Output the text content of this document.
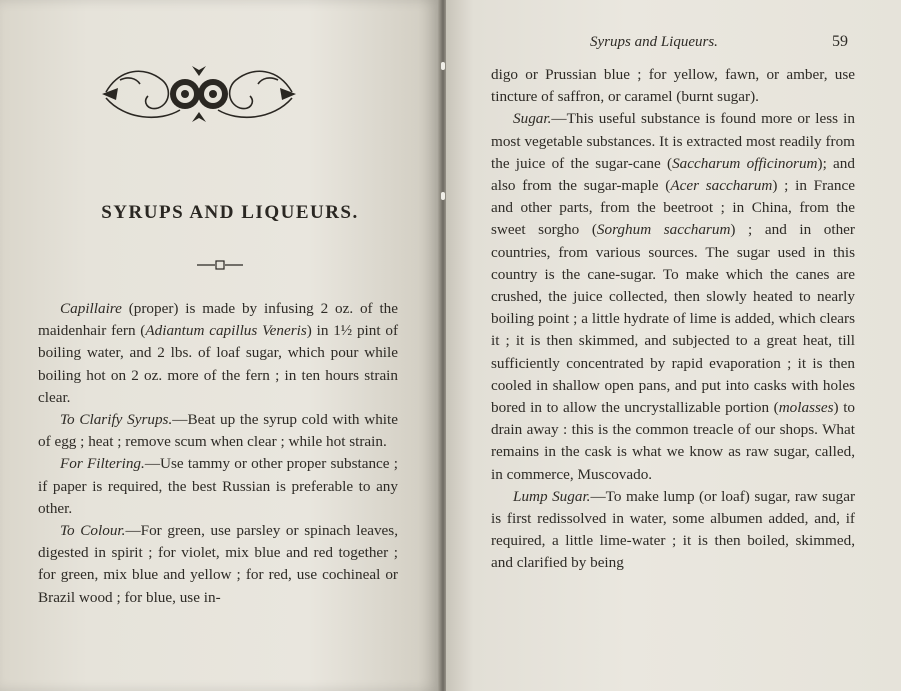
SYRUPS AND LIQUEURS.

Capillaire (proper) is made by infusing 2 oz. of the maidenhair fern (Adiantum capillus Veneris) in 1½ pint of boiling water, and 2 lbs. of loaf sugar, which pour while boiling hot on 2 oz. more of the fern ; in ten hours strain clear.

To Clarify Syrups.—Beat up the syrup cold with white of egg ; heat ; remove scum when clear ; while hot strain.

For Filtering.—Use tammy or other proper substance ; if paper is required, the best Russian is preferable to any other.

To Colour.—For green, use parsley or spinach leaves, digested in spirit ; for violet, mix blue and red together ; for green, mix blue and yellow ; for red, use cochineal or Brazil wood ; for blue, use in-

Syrups and Liqueurs.	59

digo or Prussian blue ; for yellow, fawn, or amber, use tincture of saffron, or caramel (burnt sugar).

Sugar.—This useful substance is found more or less in most vegetable substances. It is extracted most readily from the juice of the sugar-cane (Saccharum officinorum); and also from the sugar-maple (Acer saccharum) ; in France and other parts, from the beetroot ; in China, from the sweet sorgho (Sorghum saccharum) ; and in other countries, from various sources. The sugar used in this country is the cane-sugar. To make which the canes are crushed, the juice collected, then slowly heated to nearly boiling point ; a little hydrate of lime is added, which clears it ; it is then skimmed, and subjected to a great heat, till sufficiently concentrated by rapid evaporation ; it is then cooled in shallow open pans, and put into casks with holes bored in to allow the uncrystallizable portion (molasses) to drain away : this is the common treacle of our shops. What remains in the cask is what we know as raw sugar, called, in commerce, Muscovado.

Lump Sugar.—To make lump (or loaf) sugar, raw sugar is first redissolved in water, some albumen added, and, if required, a little lime-water ; it is then boiled, skimmed, and clarified by being
